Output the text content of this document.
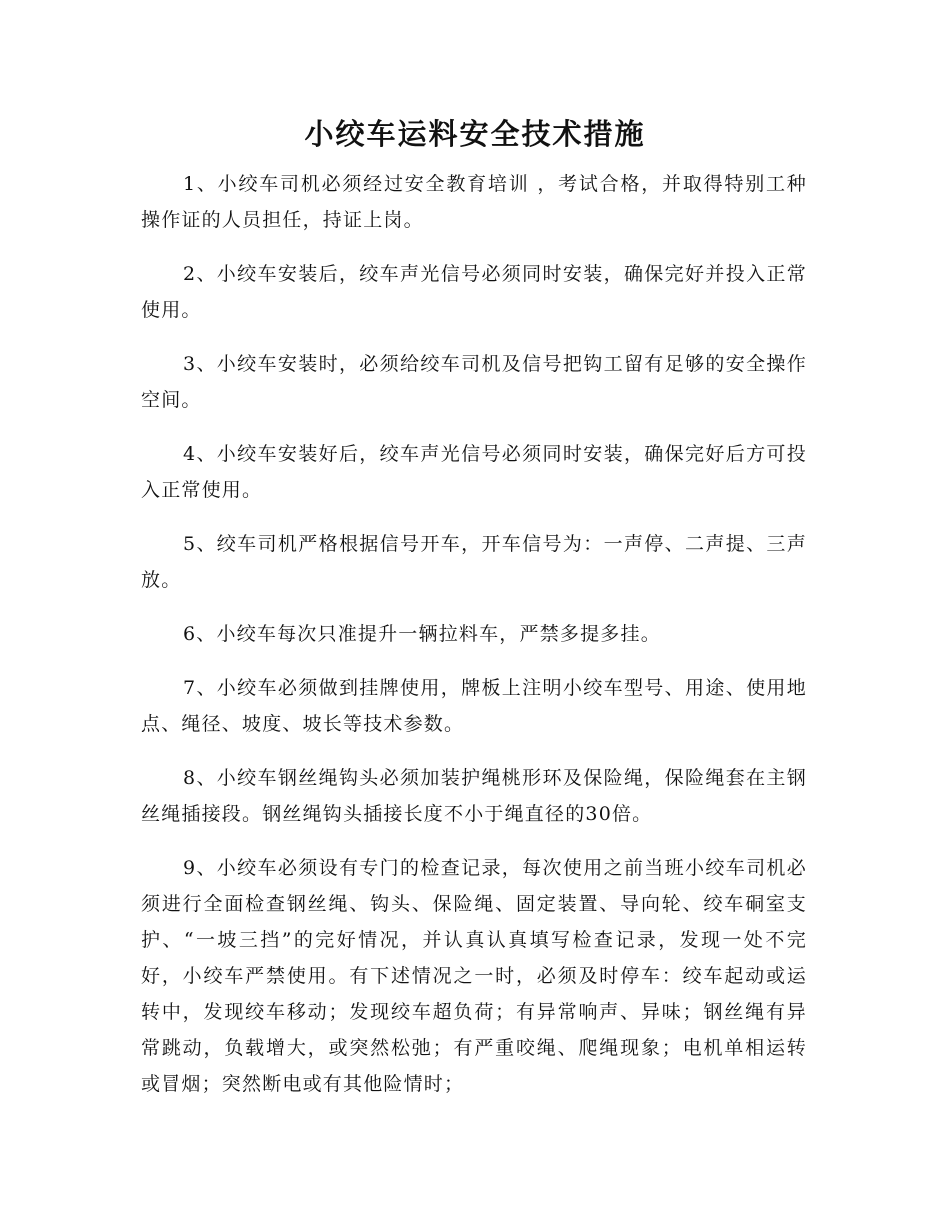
小绞车运料安全技术措施

1、小绞车司机必须经过安全教育培训 ，考试合格，并取得特别工种操作证的人员担任，持证上岗。

2、小绞车安装后，绞车声光信号必须同时安装，确保完好并投入正常使用。

3、小绞车安装时，必须给绞车司机及信号把钩工留有足够的安全操作空间。

4、小绞车安装好后，绞车声光信号必须同时安装，确保完好后方可投入正常使用。

5、绞车司机严格根据信号开车，开车信号为：一声停、二声提、三声放。

6、小绞车每次只准提升一辆拉料车，严禁多提多挂。

7、小绞车必须做到挂牌使用，牌板上注明小绞车型号、用途、使用地点、绳径、坡度、坡长等技术参数。

8、小绞车钢丝绳钩头必须加装护绳桃形环及保险绳，保险绳套在主钢丝绳插接段。钢丝绳钩头插接长度不小于绳直径的30倍。

9、小绞车必须设有专门的检查记录，每次使用之前当班小绞车司机必须进行全面检查钢丝绳、钩头、保险绳、固定装置、导向轮、绞车硐室支护、“一坡三挡”的完好情况，并认真认真填写检查记录，发现一处不完好，小绞车严禁使用。有下述情况之一时，必须及时停车：绞车起动或运转中，发现绞车移动；发现绞车超负荷；有异常响声、异味；钢丝绳有异常跳动，负载增大，或突然松弛；有严重咬绳、爬绳现象；电机单相运转或冒烟；突然断电或有其他险情时；
